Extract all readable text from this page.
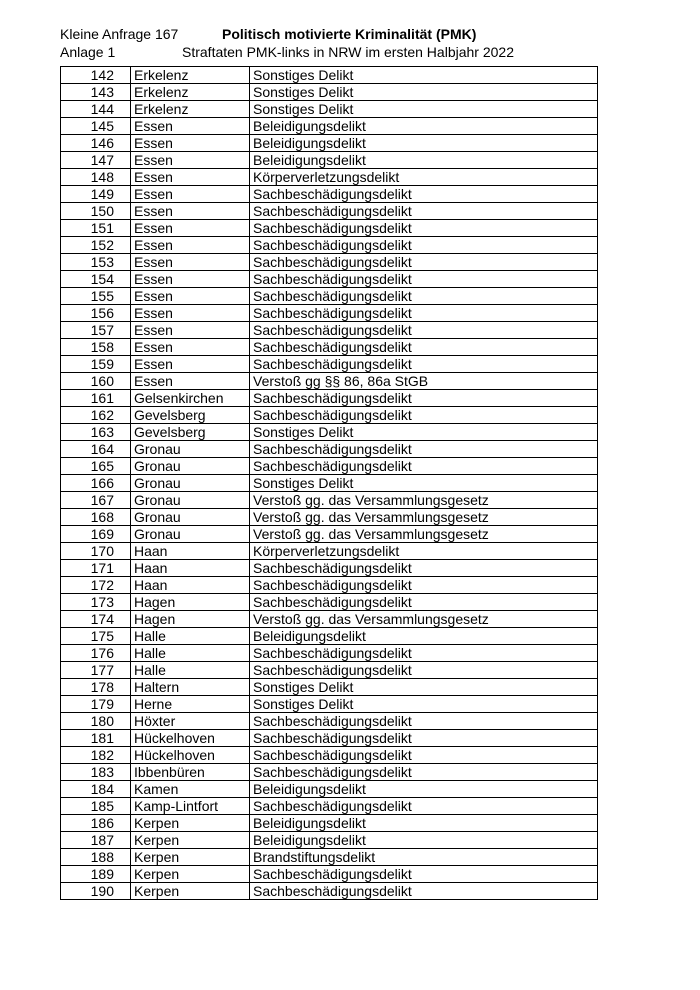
Kleine Anfrage 167
Anlage 1
Politisch motivierte Kriminalität (PMK)
Straftaten PMK-links in NRW im ersten Halbjahr 2022
142	Erkelenz	Sonstiges Delikt
143	Erkelenz	Sonstiges Delikt
144	Erkelenz	Sonstiges Delikt
145	Essen	Beleidigungsdelikt
146	Essen	Beleidigungsdelikt
147	Essen	Beleidigungsdelikt
148	Essen	Körperverletzungsdelikt
149	Essen	Sachbeschädigungsdelikt
150	Essen	Sachbeschädigungsdelikt
151	Essen	Sachbeschädigungsdelikt
152	Essen	Sachbeschädigungsdelikt
153	Essen	Sachbeschädigungsdelikt
154	Essen	Sachbeschädigungsdelikt
155	Essen	Sachbeschädigungsdelikt
156	Essen	Sachbeschädigungsdelikt
157	Essen	Sachbeschädigungsdelikt
158	Essen	Sachbeschädigungsdelikt
159	Essen	Sachbeschädigungsdelikt
160	Essen	Verstoß gg §§ 86, 86a StGB
161	Gelsenkirchen	Sachbeschädigungsdelikt
162	Gevelsberg	Sachbeschädigungsdelikt
163	Gevelsberg	Sonstiges Delikt
164	Gronau	Sachbeschädigungsdelikt
165	Gronau	Sachbeschädigungsdelikt
166	Gronau	Sonstiges Delikt
167	Gronau	Verstoß gg. das Versammlungsgesetz
168	Gronau	Verstoß gg. das Versammlungsgesetz
169	Gronau	Verstoß gg. das Versammlungsgesetz
170	Haan	Körperverletzungsdelikt
171	Haan	Sachbeschädigungsdelikt
172	Haan	Sachbeschädigungsdelikt
173	Hagen	Sachbeschädigungsdelikt
174	Hagen	Verstoß gg. das Versammlungsgesetz
175	Halle	Beleidigungsdelikt
176	Halle	Sachbeschädigungsdelikt
177	Halle	Sachbeschädigungsdelikt
178	Haltern	Sonstiges Delikt
179	Herne	Sonstiges Delikt
180	Höxter	Sachbeschädigungsdelikt
181	Hückelhoven	Sachbeschädigungsdelikt
182	Hückelhoven	Sachbeschädigungsdelikt
183	Ibbenbüren	Sachbeschädigungsdelikt
184	Kamen	Beleidigungsdelikt
185	Kamp-Lintfort	Sachbeschädigungsdelikt
186	Kerpen	Beleidigungsdelikt
187	Kerpen	Beleidigungsdelikt
188	Kerpen	Brandstiftungsdelikt
189	Kerpen	Sachbeschädigungsdelikt
190	Kerpen	Sachbeschädigungsdelikt
